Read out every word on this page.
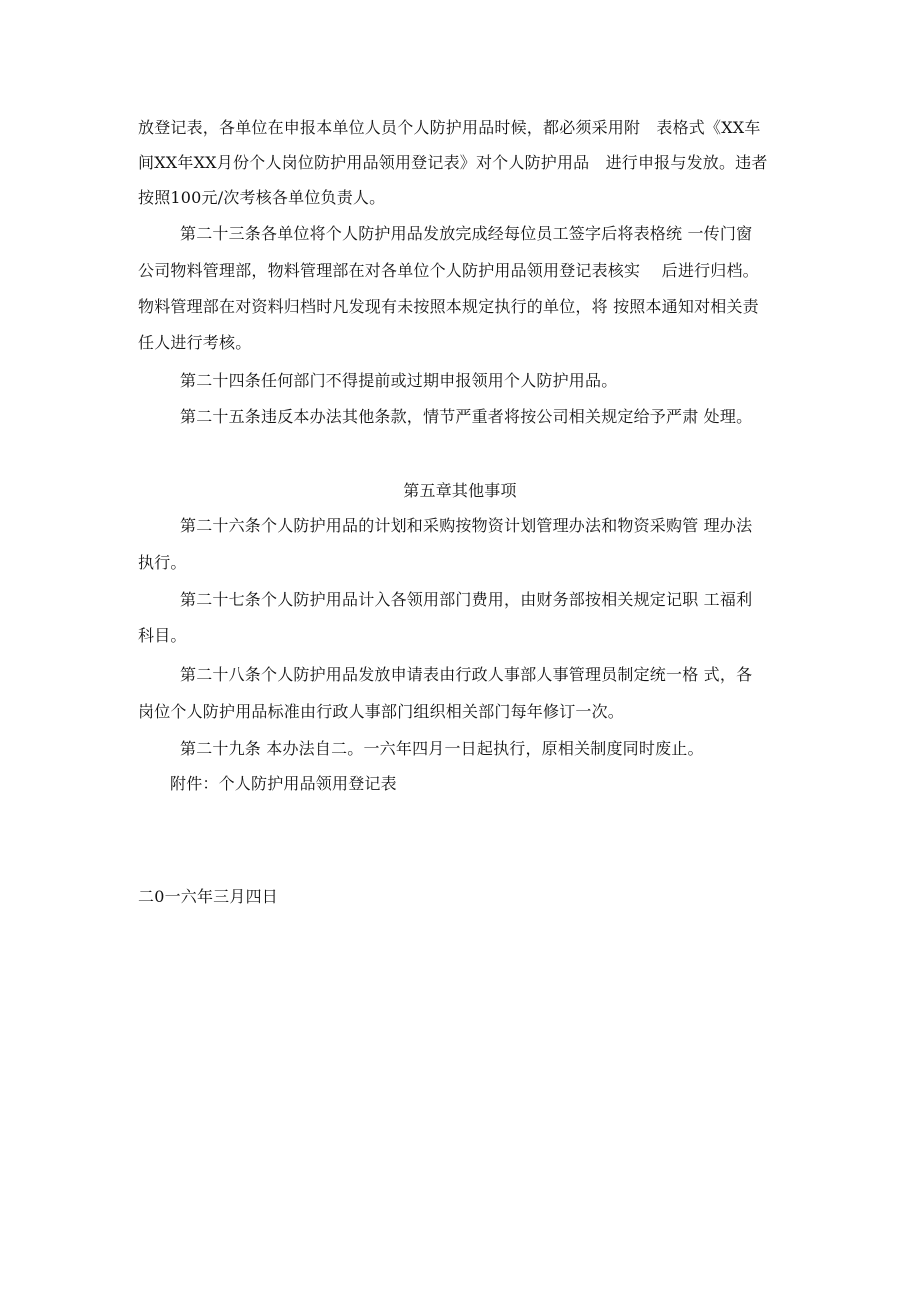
放登记表，各单位在申报本单位人员个人防护用品时候，都必须采用附　表格式《XX车
间XX年XX月份个人岗位防护用品领用登记表》对个人防护用品　进行申报与发放。违者
按照100元/次考核各单位负责人。
第二十三条各单位将个人防护用品发放完成经每位员工签字后将表格统 一传门窗
公司物料管理部，物料管理部在对各单位个人防护用品领用登记表核实　 后进行归档。
物料管理部在对资料归档时凡发现有未按照本规定执行的单位，将 按照本通知对相关责
任人进行考核。
第二十四条任何部门不得提前或过期申报领用个人防护用品。
第二十五条违反本办法其他条款，情节严重者将按公司相关规定给予严肃 处理。
第五章其他事项
第二十六条个人防护用品的计划和采购按物资计划管理办法和物资采购管 理办法
执行。
第二十七条个人防护用品计入各领用部门费用，由财务部按相关规定记职 工福利
科目。
第二十八条个人防护用品发放申请表由行政人事部人事管理员制定统一格 式，各
岗位个人防护用品标准由行政人事部门组织相关部门每年修订一次。
第二十九条 本办法自二。一六年四月一日起执行，原相关制度同时废止。
附件：个人防护用品领用登记表
二0一六年三月四日
